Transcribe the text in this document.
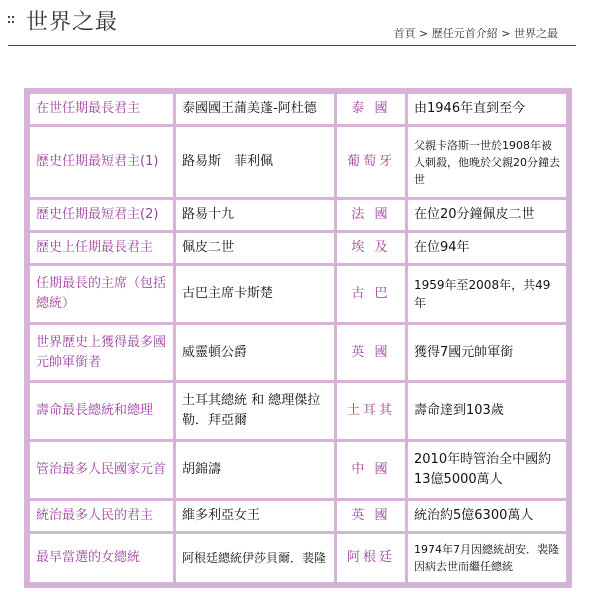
世界之最	首頁 > 歷任元首介紹 > 世界之最
在世任期最長君主	泰國國王蒲美蓬-阿杜德	泰 國	由1946年直到至今
歷史任期最短君主(1)	路易斯　菲利佩	葡萄牙	父親卡洛斯一世於1908年被人刺殺，他晚於父親20分鐘去世
歷史任期最短君主(2)	路易十九	法 國	在位20分鐘佩皮二世
歷史上任期最長君主	佩皮二世	埃 及	在位94年
任期最長的主席（包括總統）	古巴主席卡斯楚	古 巴	1959年至2008年，共49年
世界歷史上獲得最多國元帥軍銜者	威靈頓公爵	英 國	獲得7國元帥軍銜
壽命最長總統和總理	土耳其總統 和 總理傑拉勒．拜亞爾	土耳其	壽命達到103歲
管治最多人民國家元首	胡錦濤	中 國	2010年時管治全中國約13億5000萬人
統治最多人民的君主	維多利亞女王	英 國	統治約5億6300萬人
最早當選的女總統	阿根廷總統伊莎貝爾．裴隆	阿根廷	1974年7月因總統胡安．裴隆因病去世而繼任總統
